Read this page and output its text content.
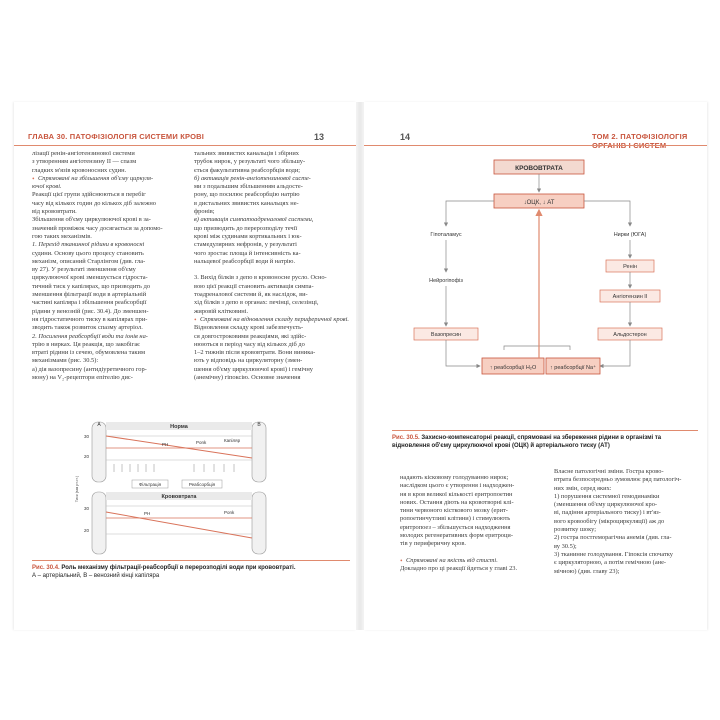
ГЛАВА 30. ПАТОФІЗІОЛОГІЯ СИСТЕМИ КРОВІ	13

лізації ренін-ангіотензинової системи

з утворенням ангіотензину ІІ — спазм

гладких м'язів кровоносних судин.

• Спрямовані на збільшення об'єму циркуля-

ючої крові.

Реакції цієї групи здійснюються в перебіг

часу від кількох годин до кількох діб залежно

від крововтрати.

Збільшення об'єму циркулюючої крові в за-

значений проміжок часу досягається за допомо-

гою таких механізмів.

1. Перехід тканинної рідини в кровоносні

судини. Основу цього процесу становить

механізм, описаний Старлінгом (див. гла-

ву 27). У результаті зменшення об'єму

циркулюючої крові зменшується гідроста-

тичний тиск у капілярах, що призводить до

зменшення фільтрації води в артеріальній

частині капіляра і збільшення реабсорбції

рідини у венозній (рис. 30.4). До зменшен-

ня гідростатичного тиску в капілярах при-

зводить також розвиток спазму артеріол.

2. Посилення реабсорбції води та іонів на-

трію в нирках. Ця реакція, що закобігає

втраті рідини із сечею, обумовлена таким

механізмами (рис. 30.5):

а) дія вазопресину (антидіуретичного гор-

мону) на V₂-рецептори епітелію дис-

тальних звивистих канальців і збірних

трубок нирок, у результаті чого збільшу-

ється факультативна реабсорбція води;

б) активація ренін-ангіотензинової систе-

ми з подальшим збільшенням альдосте-

рону, що посилює реабсорбцію натрію

в дистальних звивистих канальцях не-

фронів;

в) активація симпатоадреналової системи,

що призводить до перерозподілу течії

крові між судинами кортикальних і юк-

стамедулярних нефронів, у результаті

чого зростає площа й інтенсивність ка-

нальцевої реабсорбції води й натрію.

3. Вихід білків з депо в кровоносне русло. Осно-

вою цієї реакції становить активація симпа-

тоадреналової системи й, як наслідок, ви-

хід білків з депо в органах: печінці, селезінці,

жировій клітковині.

• Спрямовані на відновлення складу периферичної крові.

Відновлення складу крові забезпечуєть-

ся довгостроковими реакціями, які здійс-

нюються в період часу від кількох діб до

1–2 тижнів після крововтрати. Вони виника-

ють у відповідь на циркуляторну (змен-

шення об'єму циркулюючої крові) і гемічну

(анемічну) гіпоксію. Основне значення

A	B
Норма
Капіляр
PH	Ponk
30
20
Фільтрація	Реабсорбція
Крововтрата
PH	Ponk
30
20
Тиск (мм рт.ст.)
Рис. 30.4. Роль механізму фільтрації-реабсорбції в перерозподілі води при крововтраті.
А – артеріальний, В – венозний кінці капіляра
14	ТОМ 2. ПАТОФІЗІОЛОГІЯ
КРОВОВТРАТА
↓ОЦК, ↓ АТ
Гіпоталамус	Нирки (ЮГА)
Нейрогіпофіз
Ренін
Ангіотензин II
Вазопресин	Альдостерон
↑ реабсорбції H₂O	↑ реабсорбції Na⁺
Рис. 30.5. Захисно-компенсаторні реакції, спрямовані на збереження рідини в організмі та відновлення об'єму циркулюючої крові (ОЦК) й артеріального тиску (АТ)

надають кісковому голодуванню нирок;

наслідком цього є утворення і надходжен-

ня в кров великої кількості еритропоетин

нових. Остання діють на кровотворні клі-

тини червоного кісткового мозку (ерит-

ропоетинчутливі клітини) і стимулюють

еритропоез – збільшується надходження

молодих регенеративних форм еритроци-

тів у периферичну кров.

• Спрямовані на якість від стисті.

Докладно про ці реакції йдеться у главі 23.

Власне патологічні зміни. Гостра крово-

втрата безпосередньо зумовлює ряд патологіч-

них змін, серед яких:

1) порушення системної гемодинаміки

(зменшення об'єму циркулюючої кро-

ві, падіння артеріального тиску) і вт'яз-

вого кровообігу (мікроциркуляції) аж до

розвитку шоку;

2) гостра постгеморагічна анемія (див. гла-

ву 30.5);

3) тканинне голодування. Гіпоксія спочатку

є циркуляторною, а потім гемічною (ане-

мічною) (див. главу 23);
